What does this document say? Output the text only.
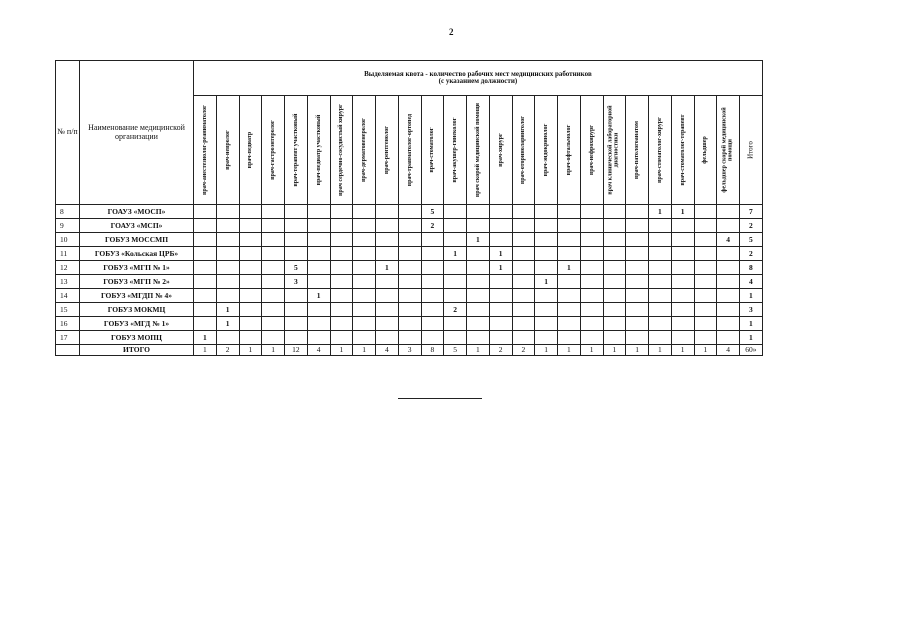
2
№ п/п	Наименование медицинской организации	Выделяемая квота - количество рабочих мест медицинских работников
(с указанием должности)																								

		врач-анестезиолог-реаниматолог	врач-невролог	врач-педиатр	врач-гастроэнтеролог	врач-терапевт участковый	врач-педиатр участковый	врач сердечно-сосудистый хирург	врач-дерматовенеролог	врач-рентгенолог	врач-травматолог-ортопед	врач-стоматолог	врач-акушер-гинеколог	врач скорой медицинской помощи	врач-хирург	врач-оториноларинголог	врач-эндокринолог	врач-офтальмолог	врач-нефрохирург	врач клинической лабораторной диагностики	врач-патологоанатом	врач-стоматолог-хирург	врач-стоматолог-терапевт	фельдшер	фельдшер скорой медицинской помощи	Итого

8	ГОАУЗ «МОСП»											5										1	1			7
9	ГОАУЗ «МСП»											2														2
10	ГОБУЗ МОССМП													1											4	5
11	ГОБУЗ «Кольская ЦРБ»												1		1											2
12	ГОБУЗ «МГП № 1»					5				1					1			1								8
13	ГОБУЗ «МГП № 2»					3											1									4
14	ГОБУЗ «МГДП № 4»						1																			1
15	ГОБУЗ МОКМЦ		1										2													3
16	ГОБУЗ «МГД № 1»		1																							1
17	ГОБУЗ МОПЦ	1																								1
	ИТОГО	1	2	1	1	12	4	1	1	4	3	8	5	1	2	2	1	1	1	1	1	1	1	1	4	60»
